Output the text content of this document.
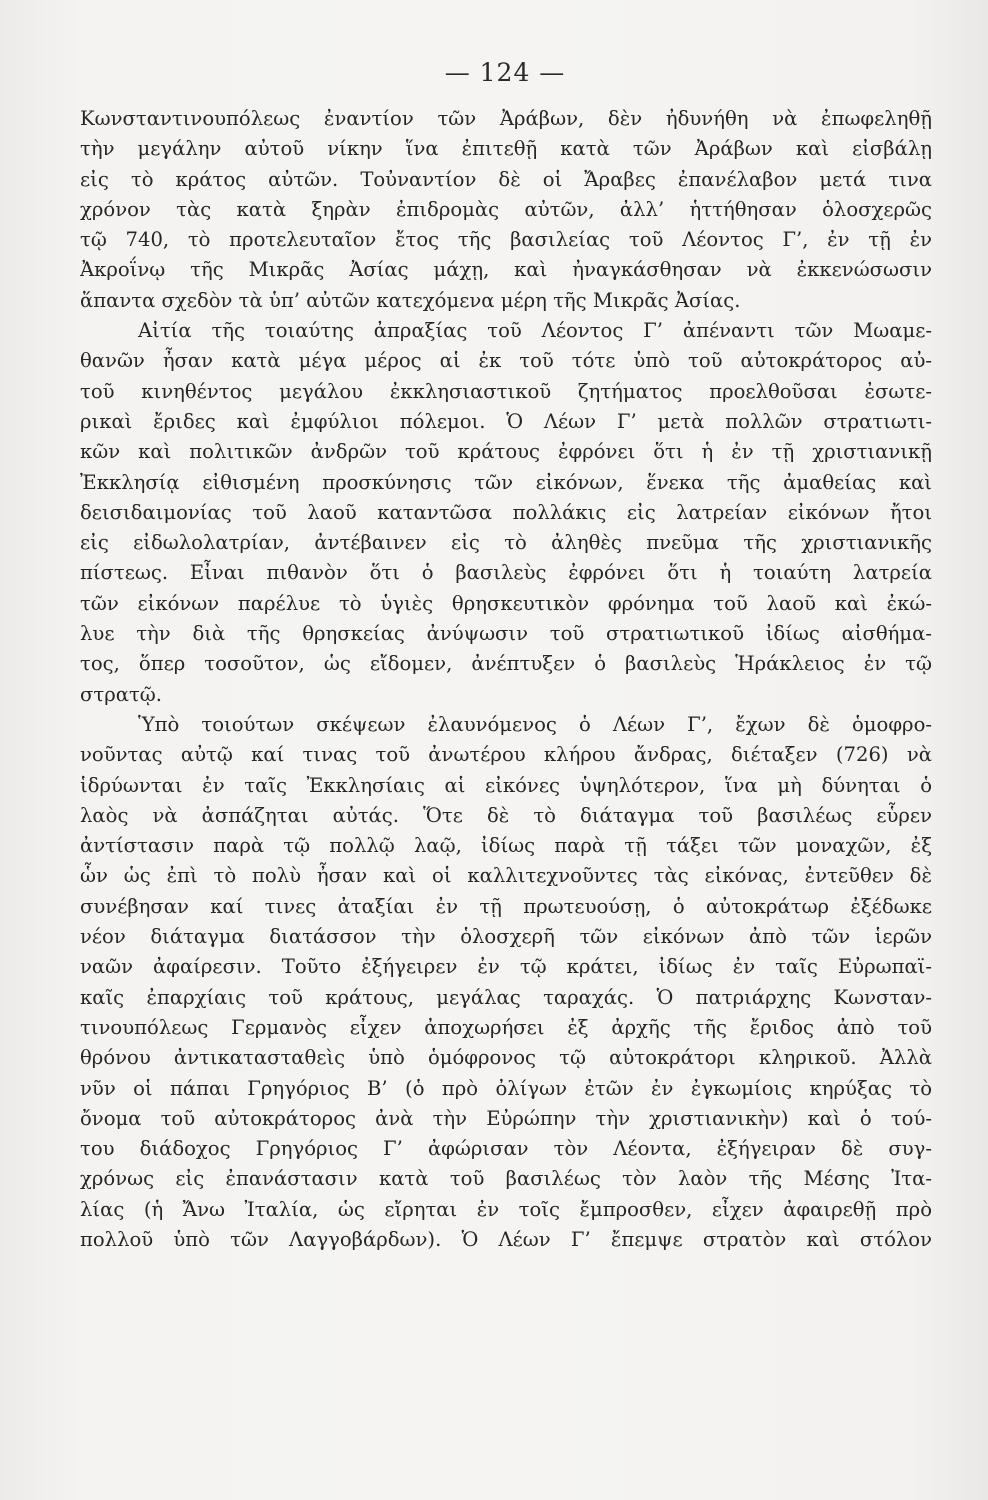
— 124 —
Κωνσταντινουπόλεως ἐναντίον τῶν Ἀράβων, δὲν ἠδυνήθη νὰ ἐπωφεληθῇ
τὴν μεγάλην αὐτοῦ νίκην ἵνα ἐπιτεθῇ κατὰ τῶν Ἀράβων καὶ εἰσβάλῃ
εἰς τὸ κράτος αὐτῶν. Τοὐναντίον δὲ οἱ Ἄραβες ἐπανέλαβον μετά τινα
χρόνον τὰς κατὰ ξηρὰν ἐπιδρομὰς αὐτῶν, ἀλλ’ ἡττήθησαν ὁλοσχερῶς
τῷ 740, τὸ προτελευταῖον ἔτος τῆς βασιλείας τοῦ Λέοντος Γ’, ἐν τῇ ἐν
Ἀκροΐνῳ τῆς Μικρᾶς Ἀσίας μάχῃ, καὶ ἠναγκάσθησαν νὰ ἐκκενώσωσιν
ἅπαντα σχεδὸν τὰ ὑπ’ αὐτῶν κατεχόμενα μέρη τῆς Μικρᾶς Ἀσίας.
Αἰτία τῆς τοιαύτης ἀπραξίας τοῦ Λέοντος Γ’ ἀπέναντι τῶν Μωαμε-
θανῶν ἦσαν κατὰ μέγα μέρος αἱ ἐκ τοῦ τότε ὑπὸ τοῦ αὐτοκράτορος αὐ-
τοῦ κινηθέντος μεγάλου ἐκκλησιαστικοῦ ζητήματος προελθοῦσαι ἐσωτε-
ρικαὶ ἔριδες καὶ ἐμφύλιοι πόλεμοι. Ὁ Λέων Γ’ μετὰ πολλῶν στρατιωτι-
κῶν καὶ πολιτικῶν ἀνδρῶν τοῦ κράτους ἐφρόνει ὅτι ἡ ἐν τῇ χριστιανικῇ
Ἐκκλησίᾳ εἰθισμένη προσκύνησις τῶν εἰκόνων, ἕνεκα τῆς ἀμαθείας καὶ
δεισιδαιμονίας τοῦ λαοῦ καταντῶσα πολλάκις εἰς λατρείαν εἰκόνων ἤτοι
εἰς εἰδωλολατρίαν, ἀντέβαινεν εἰς τὸ ἀληθὲς πνεῦμα τῆς χριστιανικῆς
πίστεως. Εἶναι πιθανὸν ὅτι ὁ βασιλεὺς ἐφρόνει ὅτι ἡ τοιαύτη λατρεία
τῶν εἰκόνων παρέλυε τὸ ὑγιὲς θρησκευτικὸν φρόνημα τοῦ λαοῦ καὶ ἐκώ-
λυε τὴν διὰ τῆς θρησκείας ἀνύψωσιν τοῦ στρατιωτικοῦ ἰδίως αἰσθήμα-
τος, ὅπερ τοσοῦτον, ὡς εἴδομεν, ἀνέπτυξεν ὁ βασιλεὺς Ἡράκλειος ἐν τῷ
στρατῷ.
Ὑπὸ τοιούτων σκέψεων ἐλαυνόμενος ὁ Λέων Γ’, ἔχων δὲ ὁμοφρο-
νοῦντας αὐτῷ καί τινας τοῦ ἀνωτέρου κλήρου ἄνδρας, διέταξεν (726) νὰ
ἱδρύωνται ἐν ταῖς Ἐκκλησίαις αἱ εἰκόνες ὑψηλότερον, ἵνα μὴ δύνηται ὁ
λαὸς νὰ ἀσπάζηται αὐτάς. Ὅτε δὲ τὸ διάταγμα τοῦ βασιλέως εὗρεν
ἀντίστασιν παρὰ τῷ πολλῷ λαῷ, ἰδίως παρὰ τῇ τάξει τῶν μοναχῶν, ἐξ
ὧν ὡς ἐπὶ τὸ πολὺ ἦσαν καὶ οἱ καλλιτεχνοῦντες τὰς εἰκόνας, ἐντεῦθεν δὲ
συνέβησαν καί τινες ἀταξίαι ἐν τῇ πρωτευούσῃ, ὁ αὐτοκράτωρ ἐξέδωκε
νέον διάταγμα διατάσσον τὴν ὁλοσχερῆ τῶν εἰκόνων ἀπὸ τῶν ἱερῶν
ναῶν ἀφαίρεσιν. Τοῦτο ἐξήγειρεν ἐν τῷ κράτει, ἰδίως ἐν ταῖς Εὐρωπαϊ-
καῖς ἐπαρχίαις τοῦ κράτους, μεγάλας ταραχάς. Ὁ πατριάρχης Κωνσταν-
τινουπόλεως Γερμανὸς εἶχεν ἀποχωρήσει ἐξ ἀρχῆς τῆς ἔριδος ἀπὸ τοῦ
θρόνου ἀντικατασταθεὶς ὑπὸ ὁμόφρονος τῷ αὐτοκράτορι κληρικοῦ. Ἀλλὰ
νῦν οἱ πάπαι Γρηγόριος Β’ (ὁ πρὸ ὀλίγων ἐτῶν ἐν ἐγκωμίοις κηρύξας τὸ
ὄνομα τοῦ αὐτοκράτορος ἀνὰ τὴν Εὐρώπην τὴν χριστιανικὴν) καὶ ὁ τού-
του διάδοχος Γρηγόριος Γ’ ἀφώρισαν τὸν Λέοντα, ἐξήγειραν δὲ συγ-
χρόνως εἰς ἐπανάστασιν κατὰ τοῦ βασιλέως τὸν λαὸν τῆς Μέσης Ἰτα-
λίας (ἡ Ἄνω Ἰταλία, ὡς εἴρηται ἐν τοῖς ἔμπροσθεν, εἶχεν ἀφαιρεθῇ πρὸ
πολλοῦ ὑπὸ τῶν Λαγγοβάρδων). Ὁ Λέων Γ’ ἔπεμψε στρατὸν καὶ στόλον
